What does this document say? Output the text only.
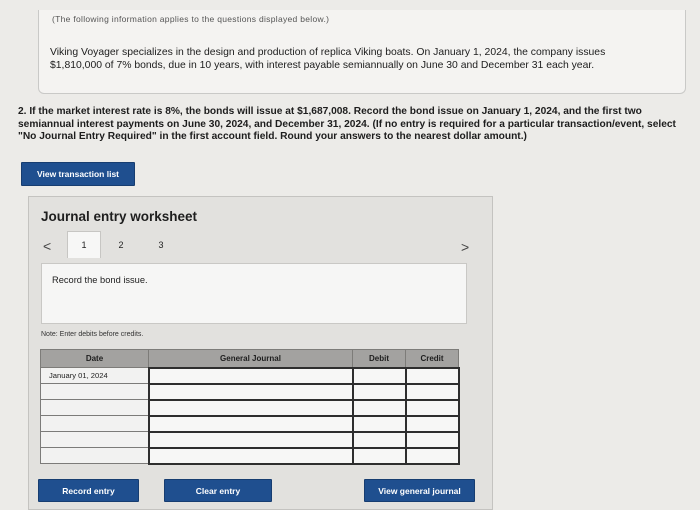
(The following information applies to the questions displayed below.)
Viking Voyager specializes in the design and production of replica Viking boats. On January 1, 2024, the company issues $1,810,000 of 7% bonds, due in 10 years, with interest payable semiannually on June 30 and December 31 each year.
2. If the market interest rate is 8%, the bonds will issue at $1,687,008. Record the bond issue on January 1, 2024, and the first two semiannual interest payments on June 30, 2024, and December 31, 2024. (If no entry is required for a particular transaction/event, select "No Journal Entry Required" in the first account field. Round your answers to the nearest dollar amount.)
View transaction list
Journal entry worksheet
<	1	2	3	>
Record the bond issue.
Note: Enter debits before credits.
Date	General Journal	Debit	Credit
January 01, 2024			

Record entry	Clear entry	View general journal
